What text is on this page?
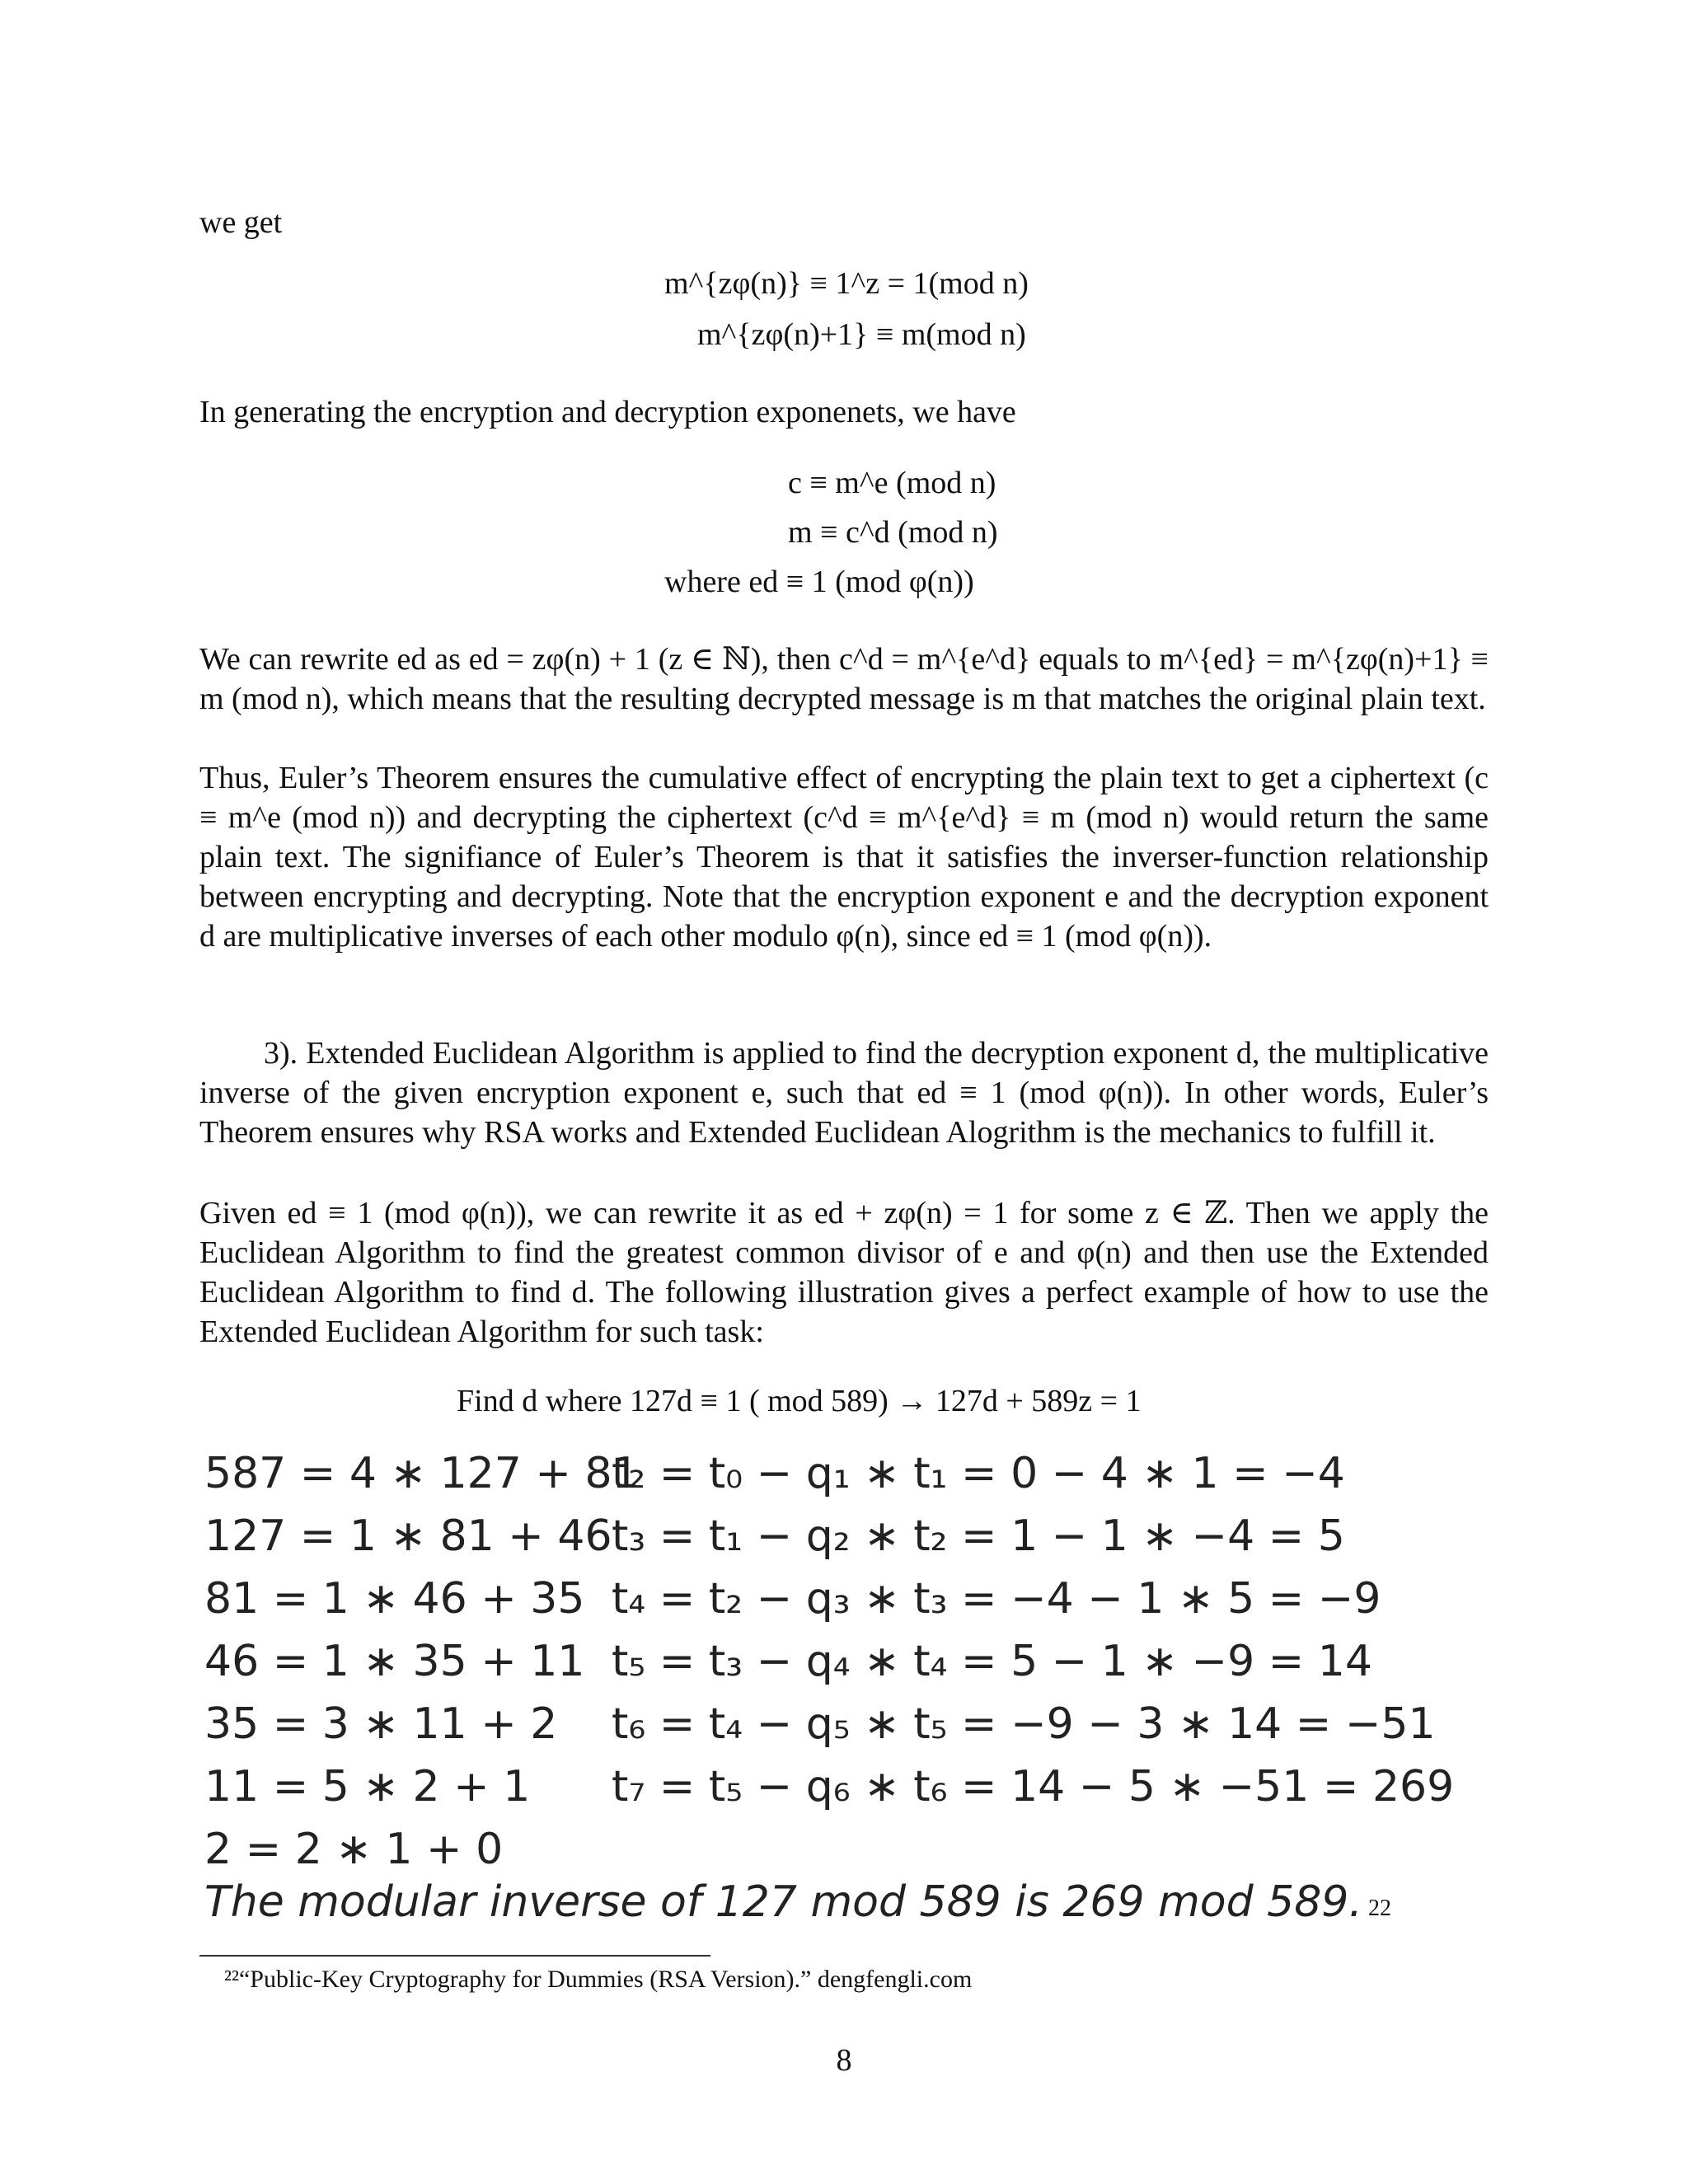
we get
m^{zφ(n)} ≡ 1^z = 1(mod n)
m^{zφ(n)+1} ≡ m(mod n)
In generating the encryption and decryption exponenets, we have
c ≡ m^e (mod n)
m ≡ c^d (mod n)
where ed ≡ 1 (mod φ(n))
We can rewrite ed as ed = zφ(n) + 1 (z ∈ ℕ), then c^d = m^{e^d} equals to m^{ed} = m^{zφ(n)+1} ≡ m (mod n), which means that the resulting decrypted message is m that matches the original plain text.
Thus, Euler’s Theorem ensures the cumulative effect of encrypting the plain text to get a ciphertext (c ≡ m^e (mod n)) and decrypting the ciphertext (c^d ≡ m^{e^d} ≡ m (mod n) would return the same plain text. The signifiance of Euler’s Theorem is that it satisfies the inverser-function relationship between encrypting and decrypting. Note that the encryption exponent e and the decryption exponent d are multiplicative inverses of each other modulo φ(n), since ed ≡ 1 (mod φ(n)).
3). Extended Euclidean Algorithm is applied to find the decryption exponent d, the multiplicative inverse of the given encryption exponent e, such that ed ≡ 1 (mod φ(n)). In other words, Euler’s Theorem ensures why RSA works and Extended Euclidean Alogrithm is the mechanics to fulfill it.
Given ed ≡ 1 (mod φ(n)), we can rewrite it as ed + zφ(n) = 1 for some z ∈ ℤ. Then we apply the Euclidean Algorithm to find the greatest common divisor of e and φ(n) and then use the Extended Euclidean Algorithm to find d. The following illustration gives a perfect example of how to use the Extended Euclidean Algorithm for such task:
Find d where 127d ≡ 1 ( mod 589) → 127d + 589z = 1
587 = 4 ∗ 127 + 81
127 = 1 ∗ 81 + 46
81 = 1 ∗ 46 + 35
46 = 1 ∗ 35 + 11
35 = 3 ∗ 11 + 2
11 = 5 ∗ 2 + 1
2 = 2 ∗ 1 + 0
t₂ = t₀ − q₁ ∗ t₁ = 0 − 4 ∗ 1 = −4
t₃ = t₁ − q₂ ∗ t₂ = 1 − 1 ∗ −4 = 5
t₄ = t₂ − q₃ ∗ t₃ = −4 − 1 ∗ 5 = −9
t₅ = t₃ − q₄ ∗ t₄ = 5 − 1 ∗ −9 = 14
t₆ = t₄ − q₅ ∗ t₅ = −9 − 3 ∗ 14 = −51
t₇ = t₅ − q₆ ∗ t₆ = 14 − 5 ∗ −51 = 269
The modular inverse of 127 mod 589 is 269 mod 589. 22
²²“Public-Key Cryptography for Dummies (RSA Version).” dengfengli.com
8
